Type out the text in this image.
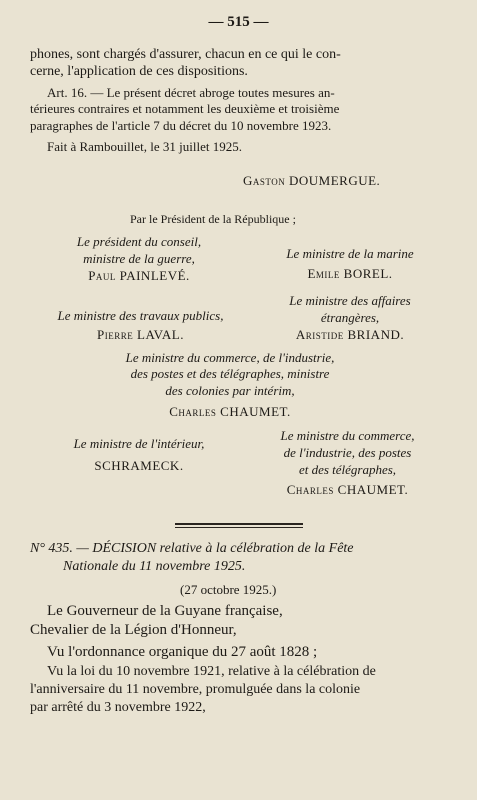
— 515 —
phones, sont chargés d'assurer, chacun en ce qui le con-
cerne, l'application de ces dispositions.
Art. 16. — Le présent décret abroge toutes mesures an-
térieures contraires et notamment les deuxième et troisième
paragraphes de l'article 7 du décret du 10 novembre 1923.
Fait à Rambouillet, le 31 juillet 1925.
Gaston DOUMERGUE.
Par le Président de la République ;
Le président du conseil,
ministre de la guerre,
Paul PAINLEVÉ.
Le ministre de la marine
Emile BOREL.
Le ministre des travaux publics,
Pierre LAVAL.
Le ministre des affaires
étrangères,
Aristide BRIAND.
Le ministre du commerce, de l'industrie,
des postes et des télégraphes, ministre
des colonies par intérim,
Charles CHAUMET.
Le ministre de l'intérieur,
SCHRAMECK.
Le ministre du commerce,
de l'industrie, des postes
et des télégraphes,
Charles CHAUMET.
N° 435. — DÉCISION relative à la célébration de la Fête
Nationale du 11 novembre 1925.
(27 octobre 1925.)
Le Gouverneur de la Guyane française,
Chevalier de la Légion d'Honneur,
Vu l'ordonnance organique du 27 août 1828 ;
Vu la loi du 10 novembre 1921, relative à la célébration de
l'anniversaire du 11 novembre, promulguée dans la colonie
par arrêté du 3 novembre 1922,
